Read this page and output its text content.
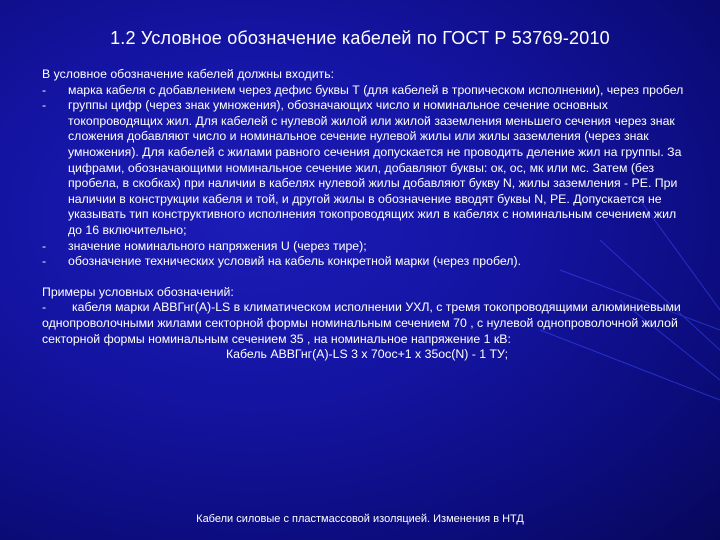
1.2 Условное обозначение кабелей по ГОСТ Р 53769-2010

В условное обозначение кабелей должны входить:

-	марка кабеля с добавлением через дефис буквы Т (для кабелей в тропическом исполнении), через пробел
-	группы цифр (через знак умножения), обозначающих число и номинальное сечение основных токопроводящих жил. Для кабелей с нулевой жилой или жилой заземления меньшего сечения через знак сложения добавляют число и номинальное сечение нулевой жилы или жилы заземления (через знак умножения). Для кабелей с жилами равного сечения допускается не проводить деление жил на группы. За цифрами, обозначающими номинальное сечение жил, добавляют буквы: ок, ос, мк или мс. Затем (без пробела, в скобках) при наличии в кабелях нулевой жилы добавляют букву N, жилы заземления - РЕ. При наличии в конструкции кабеля и той, и другой жилы в обозначение вводят буквы N, РЕ. Допускается не указывать тип конструктивного исполнения токопроводящих жил в кабелях с номинальным сечением жил до 16 включительно;
-	значение номинального напряжения U (через тире);
-	обозначение технических условий на кабель конкретной марки (через пробел).

Примеры условных обозначений:

- кабеля марки АВВГнг(А)-LS в климатическом исполнении УХЛ, с тремя токопроводящими алюминиевыми однопроволочными жилами секторной формы номинальным сечением 70 , с нулевой однопроволочной жилой секторной формы номинальным сечением 35 , на номинальное напряжение 1 кВ:

Кабель АВВГнг(А)-LS 3 х 70ос+1 х 35ос(N) - 1 ТУ;

Кабели силовые с пластмассовой изоляцией. Изменения в НТД
